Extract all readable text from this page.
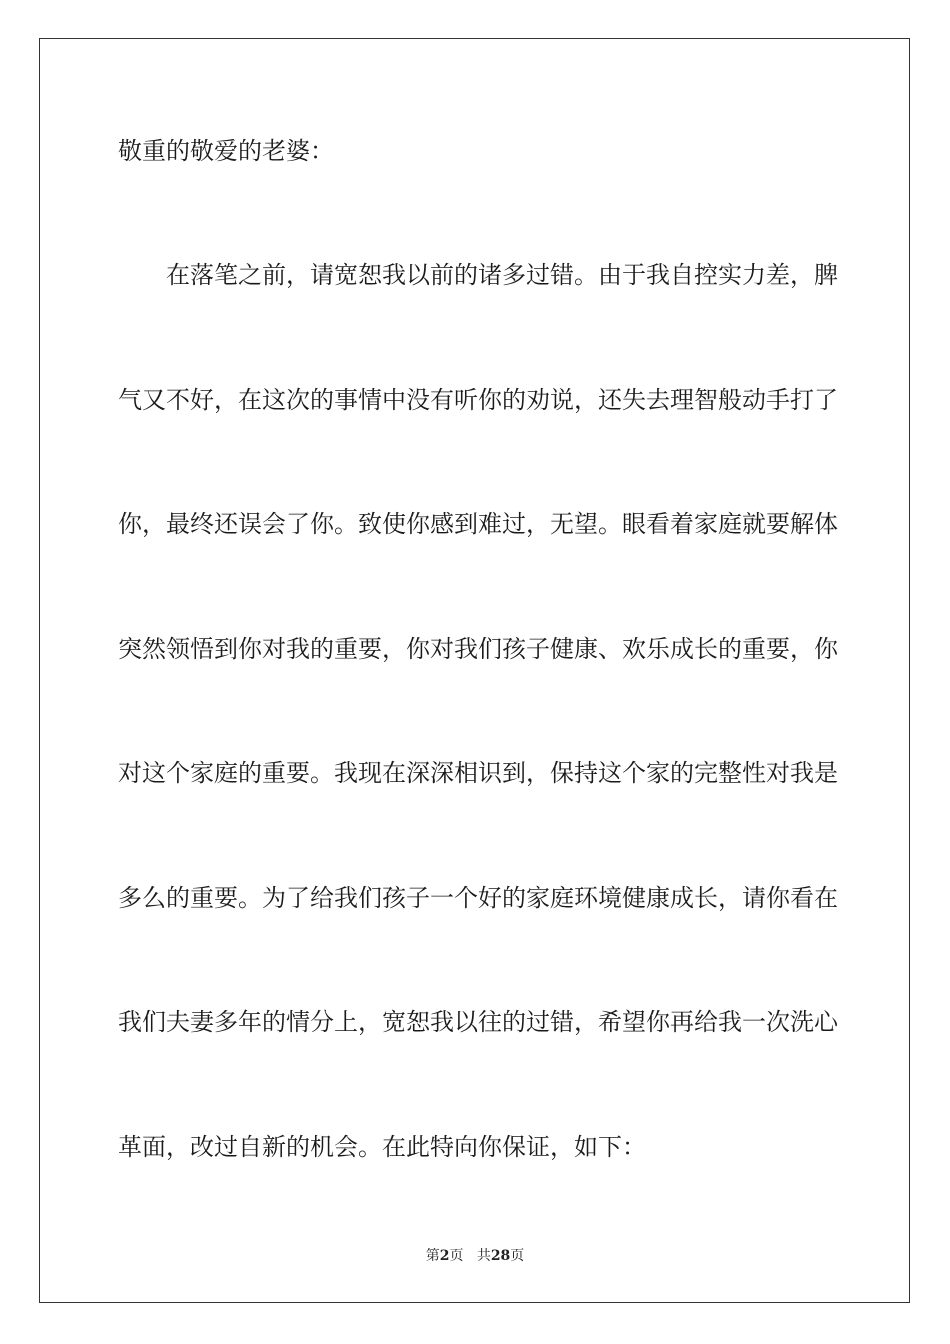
敬重的敬爱的老婆：
在落笔之前，请宽恕我以前的诸多过错。由于我自控实力差，脾
气又不好，在这次的事情中没有听你的劝说，还失去理智般动手打了
你，最终还误会了你。致使你感到难过，无望。眼看着家庭就要解体
突然领悟到你对我的重要，你对我们孩子健康、欢乐成长的重要，你
对这个家庭的重要。我现在深深相识到，保持这个家的完整性对我是
多么的重要。为了给我们孩子一个好的家庭环境健康成长，请你看在
我们夫妻多年的情分上，宽恕我以往的过错，希望你再给我一次洗心
革面，改过自新的机会。在此特向你保证，如下：
第2页 共28页
